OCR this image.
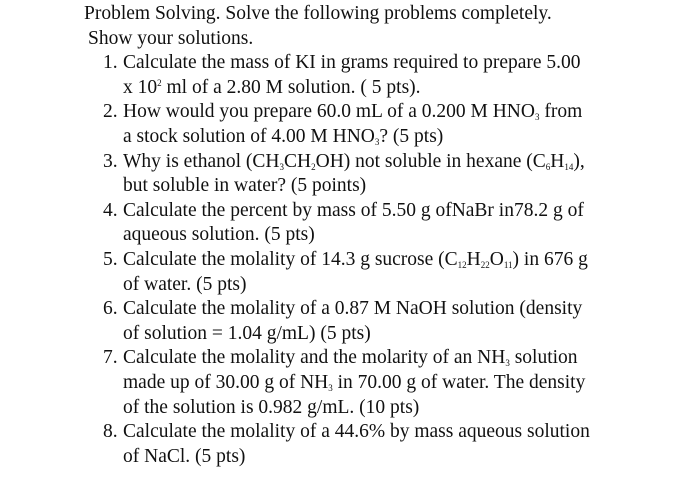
Problem Solving. Solve the following problems completely.
Show your solutions.
1. Calculate the mass of KI in grams required to prepare 5.00
x $10^2$ ml of a 2.80 M solution. ( 5 pts).
2. How would you prepare 60.0 mL of a 0.200 M $HNO_3$ from
a stock solution of 4.00 M $HNO_3$? (5 pts)
3. Why is ethanol $(CH_3CH_2OH)$ not soluble in hexane $(C_6H_{14})$,
but soluble in water? (5 points)
4. Calculate the percent by mass of 5.50 g ofNaBr in78.2 g of
aqueous solution. (5 pts)
5. Calculate the molality of 14.3 g sucrose $(C_{12}H_{22}O_{11})$ in 676 g
of water. (5 pts)
6. Calculate the molality of a 0.87 M NaOH solution (density
of solution = 1.04 g/mL) (5 pts)
7. Calculate the molality and the molarity of an $NH_3$ solution
made up of 30.00 g of $NH_3$ in 70.00 g of water. The density
of the solution is 0.982 g/mL. (10 pts)
8. Calculate the molality of a 44.6% by mass aqueous solution
of NaCl. (5 pts)
